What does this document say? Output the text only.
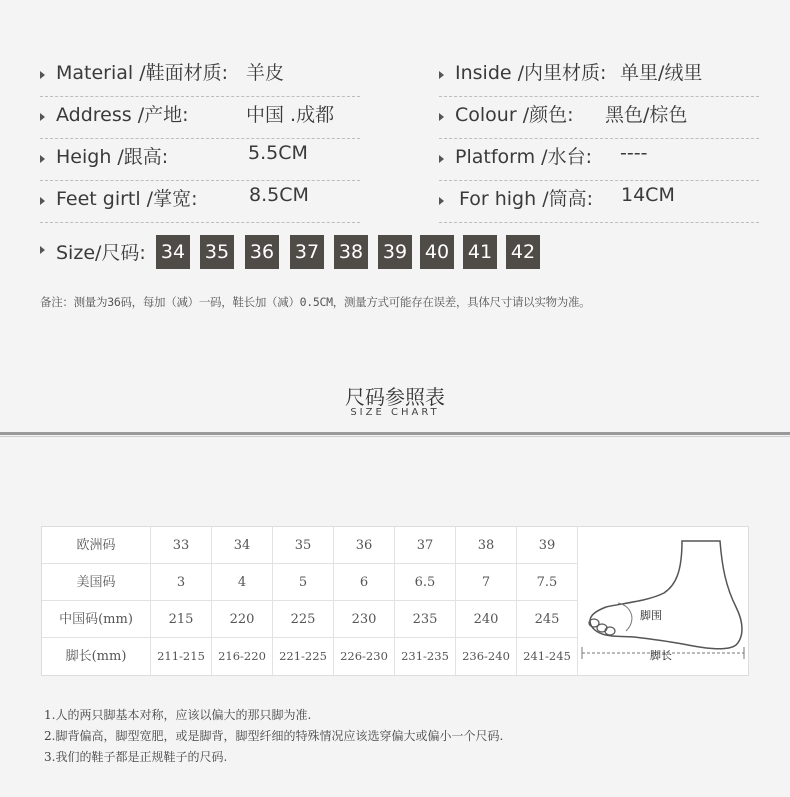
Material /鞋面材质: 羊皮
Address /产地:	中国 .成都
Heigh /跟高:	5.5CM
Feet girtl /掌宽:	8.5CM
Inside /内里材质: 单里/绒里
Colour /颜色: 黑色/棕色
Platform /水台: ----
For high /筒高: 14CM
Size/尺码: 34 35 36 37 38 39 40 41 42
备注：测量为36码，每加（减）一码，鞋长加（减）0.5CM，测量方式可能存在误差，具体尺寸请以实物为准。
尺码参照表
SIZE CHART
欧洲码	33	34	35	36	37	38	39
美国码	3	4	5	6	6.5	7	7.5
中国码(mm)	215	220	225	230	235	240	245
脚长(mm)	211-215	216-220	221-225	226-230	231-235	236-240	241-245
脚围
脚长
1.人的两只脚基本对称，应该以偏大的那只脚为准.
2.脚背偏高，脚型宽肥，或是脚背，脚型纤细的特殊情况应该选穿偏大或偏小一个尺码.
3.我们的鞋子都是正规鞋子的尺码.
